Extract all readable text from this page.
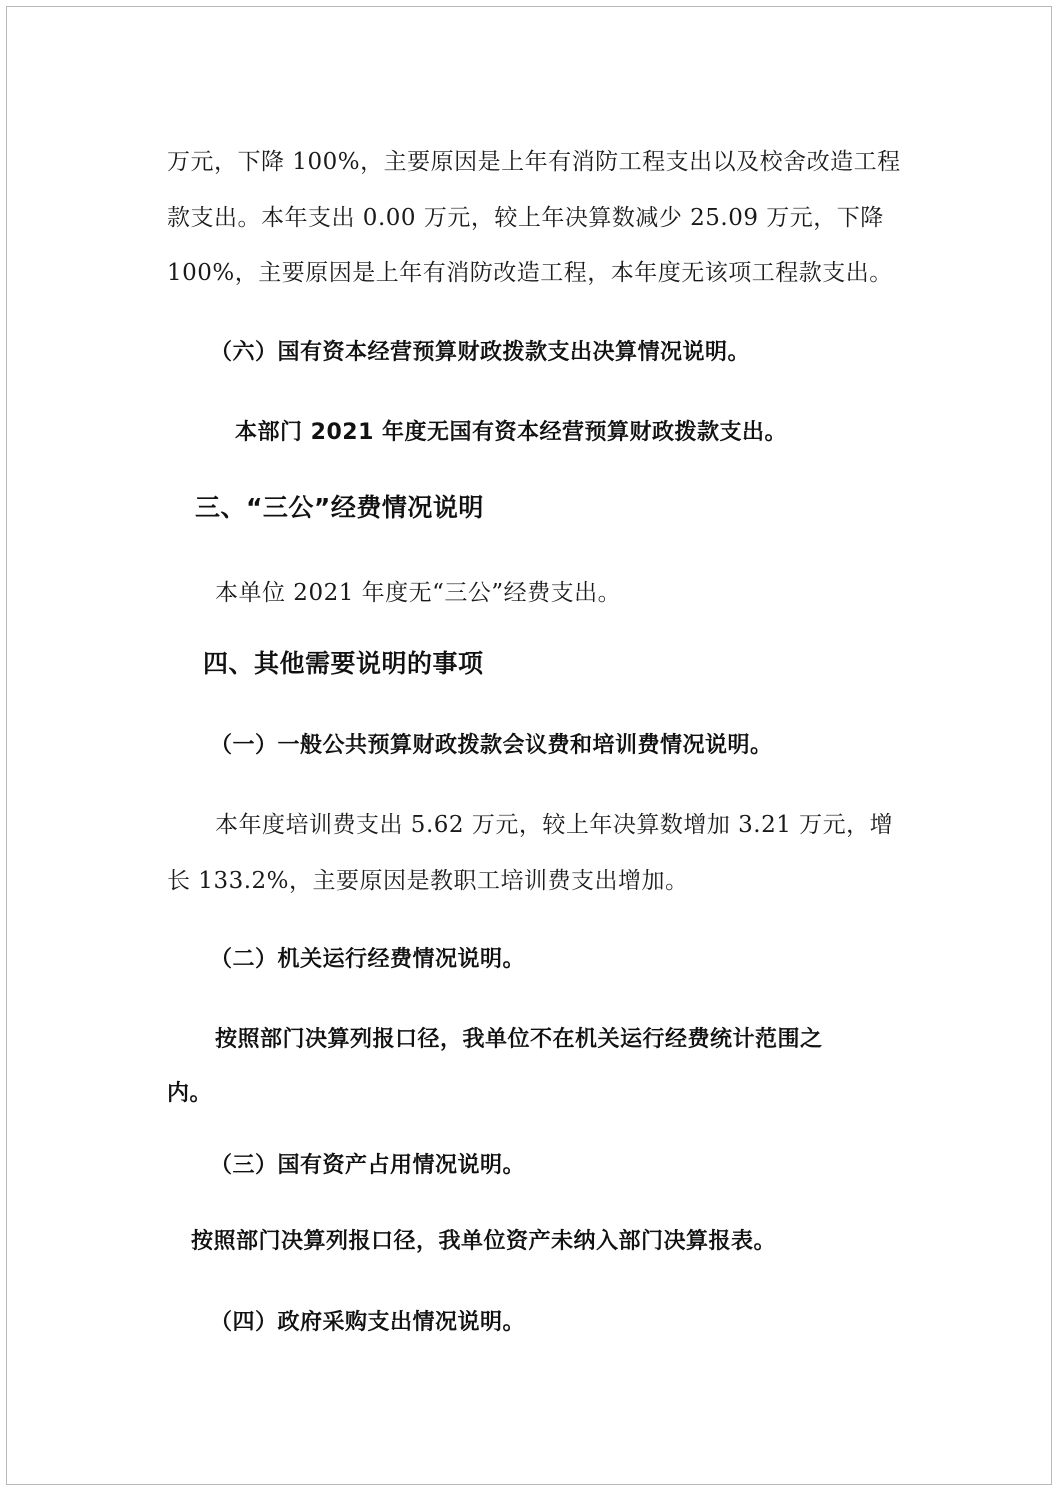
万元，下降 100%，主要原因是上年有消防工程支出以及校舍改造工程
款支出。本年支出 0.00 万元，较上年决算数减少 25.09 万元，下降
100%，主要原因是上年有消防改造工程，本年度无该项工程款支出。
（六）国有资本经营预算财政拨款支出决算情况说明。
本部门 2021 年度无国有资本经营预算财政拨款支出。
三、“三公”经费情况说明
本单位 2021 年度无“三公”经费支出。
四、其他需要说明的事项
（一）一般公共预算财政拨款会议费和培训费情况说明。
本年度培训费支出 5.62 万元，较上年决算数增加 3.21 万元，增
长 133.2%，主要原因是教职工培训费支出增加。
（二）机关运行经费情况说明。
按照部门决算列报口径，我单位不在机关运行经费统计范围之
内。
（三）国有资产占用情况说明。
按照部门决算列报口径，我单位资产未纳入部门决算报表。
（四）政府采购支出情况说明。
